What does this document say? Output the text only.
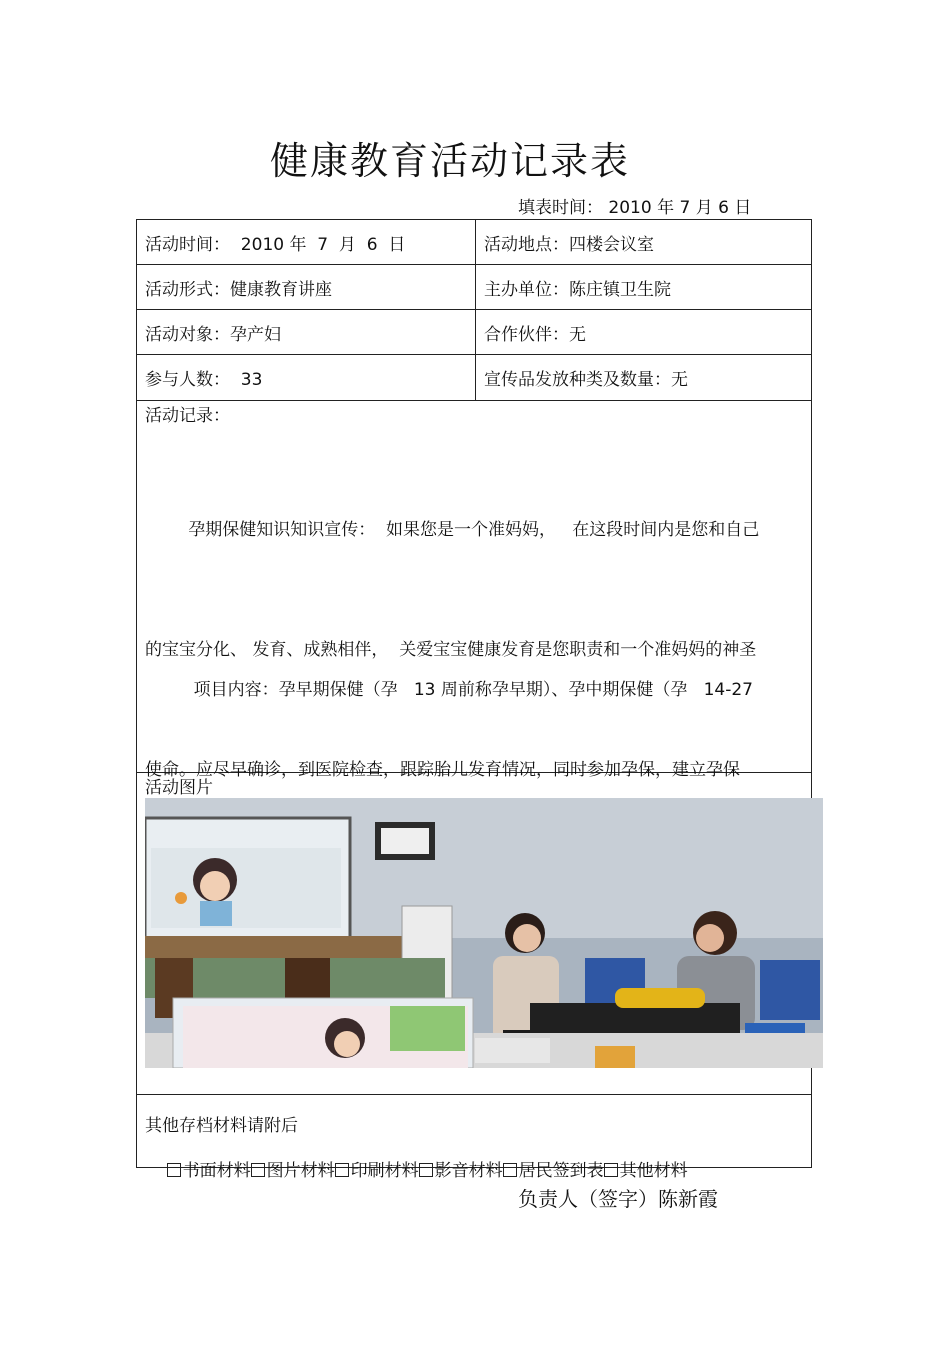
健康教育活动记录表
填表时间： 2010 年 7 月 6 日
活动时间：  2010 年  7  月  6  日	活动地点：四楼会议室
活动形式：健康教育讲座	主办单位：陈庄镇卫生院
活动对象：孕产妇	合作伙伴：无
参与人数：  33	宣传品发放种类及数量：无
活动记录：

孕期保健知识知识宣传：  如果您是一个准妈妈，   在这段时间内是您和自己

的宝宝分化、 发育、成熟相伴，  关爱宝宝健康发育是您职责和一个准妈妈的神圣

使命。应尽早确诊，到医院检查，跟踪胎儿发育情况，同时参加孕保，建立孕保

项目内容：孕早期保健（孕   13 周前称孕早期）、孕中期保健（孕   14-27

活动图片
其他存档材料请附后

书面材料 图片材料 印刷材料 影音材料 居民签到表 其他材料

负责人（签字）陈新霞
